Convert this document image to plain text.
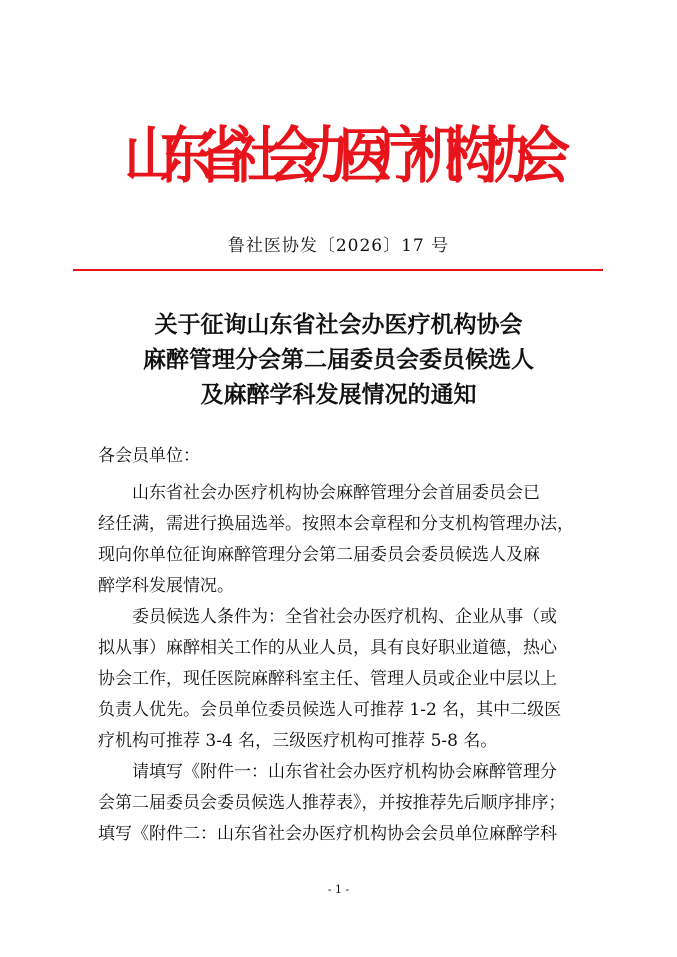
山东省社会办医疗机构协会
鲁社医协发〔2026〕17 号
关于征询山东省社会办医疗机构协会
麻醉管理分会第二届委员会委员候选人
及麻醉学科发展情况的通知
各会员单位：
山东省社会办医疗机构协会麻醉管理分会首届委员会已
经任满，需进行换届选举。按照本会章程和分支机构管理办法，
现向你单位征询麻醉管理分会第二届委员会委员候选人及麻
醉学科发展情况。
委员候选人条件为：全省社会办医疗机构、企业从事（或
拟从事）麻醉相关工作的从业人员，具有良好职业道德，热心
协会工作，现任医院麻醉科室主任、管理人员或企业中层以上
负责人优先。会员单位委员候选人可推荐 1-2 名，其中二级医
疗机构可推荐 3-4 名，三级医疗机构可推荐 5-8 名。
请填写《附件一：山东省社会办医疗机构协会麻醉管理分
会第二届委员会委员候选人推荐表》，并按推荐先后顺序排序；
填写《附件二：山东省社会办医疗机构协会会员单位麻醉学科
- 1 -
